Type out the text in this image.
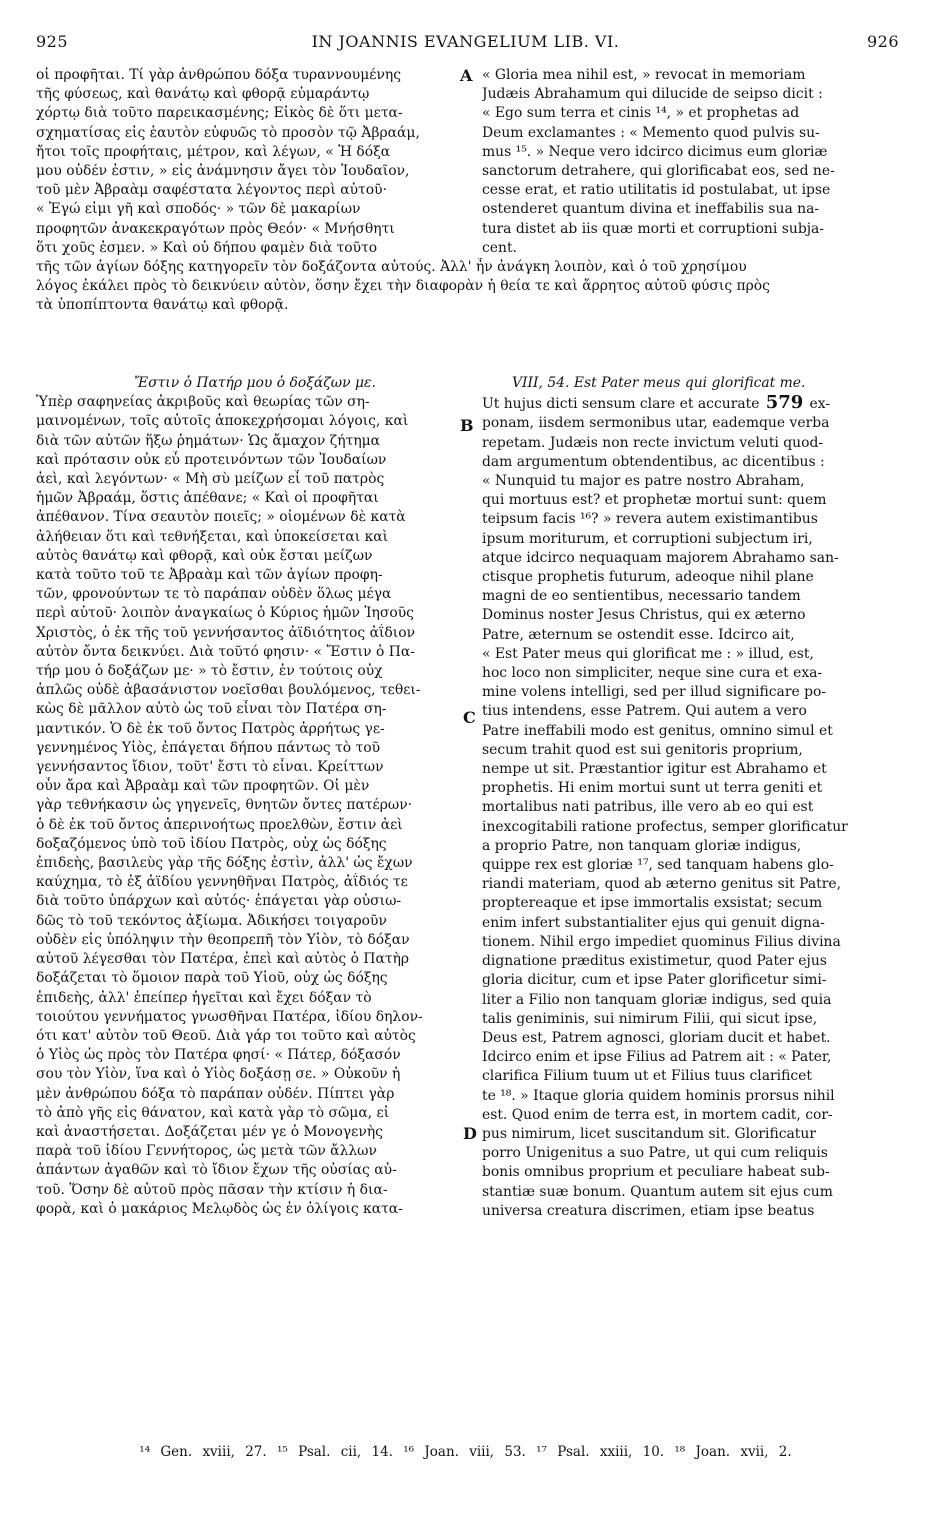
925	IN JOANNIS EVANGELIUM LIB. VI.	926
οἱ προφῆται. Τί γὰρ ἀνθρώπου δόξα τυραννουμένης
τῆς φύσεως, καὶ θανάτῳ καὶ φθορᾷ εὐμαράντῳ
χόρτῳ διὰ τοῦτο παρεικασμένης; Εἰκὸς δὲ ὅτι μετα-
σχηματίσας εἰς ἑαυτὸν εὐφυῶς τὸ προσὸν τῷ Ἀβραάμ,
ἤτοι τοῖς προφήταις, μέτρον, καὶ λέγων, « Ἡ δόξα
μου οὐδέν ἐστιν, » εἰς ἀνάμνησιν ἄγει τὸν Ἰουδαῖον,
τοῦ μὲν Ἀβραὰμ σαφέστατα λέγοντος περὶ αὐτοῦ·
« Ἐγώ εἰμι γῆ καὶ σποδός· » τῶν δὲ μακαρίων
προφητῶν ἀνακεκραγότων πρὸς Θεόν· « Μνήσθητι
ὅτι χοῦς ἐσμεν. » Καὶ οὐ δήπου φαμὲν διὰ τοῦτο
« Gloria mea nihil est, » revocat in memoriam
Judæis Abrahamum qui dilucide de seipso dicit :
« Ego sum terra et cinis ¹⁴, » et prophetas ad
Deum exclamantes : « Memento quod pulvis su-
mus ¹⁵. » Neque vero idcirco dicimus eum gloriæ
sanctorum detrahere, qui glorificabat eos, sed ne-
cesse erat, et ratio utilitatis id postulabat, ut ipse
ostenderet quantum divina et ineffabilis sua na-
tura distet ab iis quæ morti et corruptioni subja-
cent.
τῆς τῶν ἁγίων δόξης κατηγορεῖν τὸν δοξάζοντα αὐτούς. Ἀλλ' ἦν ἀνάγκη λοιπὸν, καὶ ὁ τοῦ χρησίμου
λόγος ἐκάλει πρὸς τὸ δεικνύειν αὐτὸν, ὅσην ἔχει τὴν διαφορὰν ἡ θεία τε καὶ ἄρρητος αὐτοῦ φύσις πρὸς
τὰ ὑποπίπτοντα θανάτῳ καὶ φθορᾷ.
Ἔστιν ὁ Πατήρ μου ὁ δοξάζων με.
Ὑπὲρ σαφηνείας ἀκριβοῦς καὶ θεωρίας τῶν ση-
μαινομένων, τοῖς αὐτοῖς ἀποκεχρήσομαι λόγοις, καὶ
διὰ τῶν αὐτῶν ἥξω ῥημάτων· Ὡς ἄμαχον ζήτημα
καὶ πρότασιν οὐκ εὖ προτεινόντων τῶν Ἰουδαίων
ἀεὶ, καὶ λεγόντων· « Μὴ σὺ μείζων εἶ τοῦ πατρὸς
ἡμῶν Ἀβραάμ, ὅστις ἀπέθανε; « Καὶ οἱ προφῆται
ἀπέθανον. Τίνα σεαυτὸν ποιεῖς; » οἰομένων δὲ κατὰ
ἀλήθειαν ὅτι καὶ τεθνήξεται, καὶ ὑποκείσεται καὶ
αὐτὸς θανάτῳ καὶ φθορᾷ, καὶ οὐκ ἔσται μείζων
κατὰ τοῦτο τοῦ τε Ἀβραὰμ καὶ τῶν ἁγίων προφη-
τῶν, φρονούντων τε τὸ παράπαν οὐδὲν ὅλως μέγα
περὶ αὐτοῦ· λοιπὸν ἀναγκαίως ὁ Κύριος ἡμῶν Ἰησοῦς
Χριστὸς, ὁ ἐκ τῆς τοῦ γεννήσαντος ἀϊδιότητος ἀΐδιον
αὐτὸν ὄντα δεικνύει. Διὰ τοῦτό φησιν· « Ἔστιν ὁ Πα-
τήρ μου ὁ δοξάζων με· » τὸ ἔστιν, ἐν τούτοις οὐχ
ἁπλῶς οὐδὲ ἀβασάνιστον νοεῖσθαι βουλόμενος, τεθει-
κὼς δὲ μᾶλλον αὐτὸ ὡς τοῦ εἶναι τὸν Πατέρα ση-
μαντικόν. Ὁ δὲ ἐκ τοῦ ὄντος Πατρὸς ἀρρήτως γε-
γεννημένος Υἱὸς, ἐπάγεται δήπου πάντως τὸ τοῦ
γεννήσαντος ἴδιον, τοῦτ' ἔστι τὸ εἶναι. Κρείττων
οὖν ἄρα καὶ Ἀβραὰμ καὶ τῶν προφητῶν. Οἱ μὲν
γὰρ τεθνήκασιν ὡς γηγενεῖς, θνητῶν ὄντες πατέρων·
ὁ δὲ ἐκ τοῦ ὄντος ἀπερινοήτως προελθὼν, ἔστιν ἀεὶ
δοξαζόμενος ὑπὸ τοῦ ἰδίου Πατρὸς, οὐχ ὡς δόξης
ἐπιδεὴς, βασιλεὺς γὰρ τῆς δόξης ἐστὶν, ἀλλ' ὡς ἔχων
καύχημα, τὸ ἐξ ἀϊδίου γεννηθῆναι Πατρὸς, ἀΐδιός τε
διὰ τοῦτο ὑπάρχων καὶ αὐτός· ἐπάγεται γὰρ οὐσιω-
δῶς τὸ τοῦ τεκόντος ἀξίωμα. Ἀδικήσει τοιγαροῦν
οὐδὲν εἰς ὑπόληψιν τὴν θεοπρεπῆ τὸν Υἱὸν, τὸ δόξαν
αὐτοῦ λέγεσθαι τὸν Πατέρα, ἐπεὶ καὶ αὐτὸς ὁ Πατὴρ
δοξάζεται τὸ ὅμοιον παρὰ τοῦ Υἱοῦ, οὐχ ὡς δόξης
ἐπιδεὴς, ἀλλ' ἐπείπερ ἡγεῖται καὶ ἔχει δόξαν τὸ
τοιούτου γεννήματος γνωσθῆναι Πατέρα, ἰδίου δηλον-
ότι κατ' αὐτὸν τοῦ Θεοῦ. Διὰ γάρ τοι τοῦτο καὶ αὐτὸς
ὁ Υἱὸς ὡς πρὸς τὸν Πατέρα φησί· « Πάτερ, δόξασόν
σου τὸν Υἱὸν, ἵνα καὶ ὁ Υἱὸς δοξάσῃ σε. » Οὐκοῦν ἡ
μὲν ἀνθρώπου δόξα τὸ παράπαν οὐδέν. Πίπτει γὰρ
τὸ ἀπὸ γῆς εἰς θάνατον, καὶ κατὰ γὰρ τὸ σῶμα, εἰ
καὶ ἀναστήσεται. Δοξάζεται μέν γε ὁ Μονογενὴς
παρὰ τοῦ ἰδίου Γεννήτορος, ὡς μετὰ τῶν ἄλλων
ἁπάντων ἀγαθῶν καὶ τὸ ἴδιον ἔχων τῆς οὐσίας αὐ-
τοῦ. Ὅσην δὲ αὐτοῦ πρὸς πᾶσαν τὴν κτίσιν ἡ δια-
φορὰ, καὶ ὁ μακάριος Μελῳδὸς ὡς ἐν ὀλίγοις κατα-
VIII, 54. Est Pater meus qui glorificat me.
Ut hujus dicti sensum clare et accurate 579 ex-
ponam, iisdem sermonibus utar, eademque verba
repetam. Judæis non recte invictum veluti quod-
dam argumentum obtendentibus, ac dicentibus :
« Nunquid tu major es patre nostro Abraham,
qui mortuus est? et prophetæ mortui sunt: quem
teipsum facis ¹⁶? » revera autem existimantibus
ipsum moriturum, et corruptioni subjectum iri,
atque idcirco nequaquam majorem Abrahamo san-
ctisque prophetis futurum, adeoque nihil plane
magni de eo sentientibus, necessario tandem
Dominus noster Jesus Christus, qui ex æterno
Patre, æternum se ostendit esse. Idcirco ait,
« Est Pater meus qui glorificat me : » illud, est,
hoc loco non simpliciter, neque sine cura et exa-
mine volens intelligi, sed per illud significare po-
tius intendens, esse Patrem. Qui autem a vero
Patre ineffabili modo est genitus, omnino simul et
secum trahit quod est sui genitoris proprium,
nempe ut sit. Præstantior igitur est Abrahamo et
prophetis. Hi enim mortui sunt ut terra geniti et
mortalibus nati patribus, ille vero ab eo qui est
inexcogitabili ratione profectus, semper glorificatur
a proprio Patre, non tanquam gloriæ indigus,
quippe rex est gloriæ ¹⁷, sed tanquam habens glo-
riandi materiam, quod ab æterno genitus sit Patre,
proptereaque et ipse immortalis exsistat; secum
enim infert substantialiter ejus qui genuit digna-
tionem. Nihil ergo impediet quominus Filius divina
dignatione præditus existimetur, quod Pater ejus
gloria dicitur, cum et ipse Pater glorificetur simi-
liter a Filio non tanquam gloriæ indigus, sed quia
talis geniminis, sui nimirum Filii, qui sicut ipse,
Deus est, Patrem agnosci, gloriam ducit et habet.
Idcirco enim et ipse Filius ad Patrem ait : « Pater,
clarifica Filium tuum ut et Filius tuus clarificet
te ¹⁸. » Itaque gloria quidem hominis prorsus nihil
est. Quod enim de terra est, in mortem cadit, cor-
pus nimirum, licet suscitandum sit. Glorificatur
porro Unigenitus a suo Patre, ut qui cum reliquis
bonis omnibus proprium et peculiare habeat sub-
stantiæ suæ bonum. Quantum autem sit ejus cum
universa creatura discrimen, etiam ipse beatus
A
B
C
D
¹⁴ Gen. xviii, 27. ¹⁵ Psal. cii, 14. ¹⁶ Joan. viii, 53. ¹⁷ Psal. xxiii, 10. ¹⁸ Joan. xvii, 2.
